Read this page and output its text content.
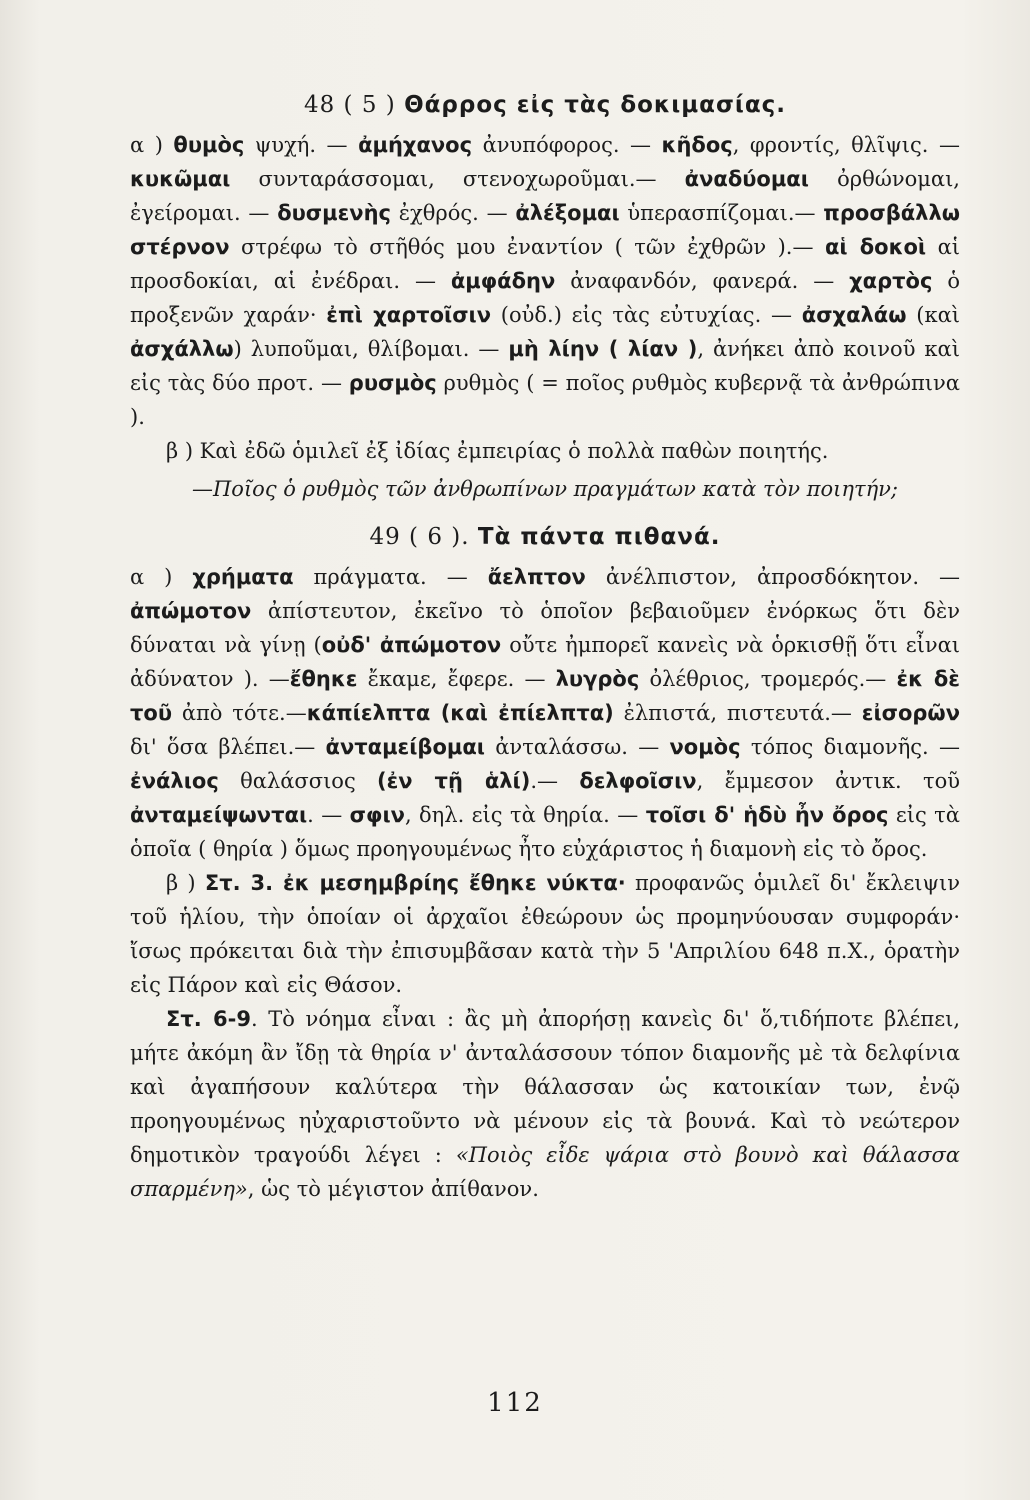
48 ( 5 ) Θάρρος εἰς τὰς δοκιμασίας.

α ) θυμὸς ψυχή. — ἀμήχανος ἀνυπόφορος. — κῆδος, φροντίς, θλῖψις. — κυκῶμαι συνταράσσομαι, στενοχωροῦμαι.— ἀναδύομαι ὀρθώνομαι, ἐγείρομαι. — δυσμενὴς ἐχθρός. — ἀλέξομαι ὑπερασπίζομαι.— προσβάλλω στέρνον στρέφω τὸ στῆθός μου ἐναντίον ( τῶν ἐχθρῶν ).— αἱ δοκοὶ αἱ προσδοκίαι, αἱ ἐνέδραι. — ἀμφάδην ἀναφανδόν, φανερά. — χαρτὸς ὁ προξενῶν χαράν· ἐπὶ χαρτοῖσιν (οὐδ.) εἰς τὰς εὐτυχίας. — ἀσχαλάω (καὶ ἀσχάλλω) λυποῦμαι, θλίβομαι. — μὴ λίην ( λίαν ), ἀνήκει ἀπὸ κοινοῦ καὶ εἰς τὰς δύο προτ. — ρυσμὸς ρυθμὸς ( = ποῖος ρυθμὸς κυβερνᾷ τὰ ἀνθρώπινα ).

β ) Καὶ ἐδῶ ὁμιλεῖ ἐξ ἰδίας ἐμπειρίας ὁ πολλὰ παθὼν ποιητής.

—Ποῖος ὁ ρυθμὸς τῶν ἀνθρωπίνων πραγμάτων κατὰ τὸν ποιητήν;

49 ( 6 ). Τὰ πάντα πιθανά.

α ) χρήματα πράγματα. — ἄελπτον ἀνέλπιστον, ἀπροσδόκητον. — ἀπώμοτον ἀπίστευτον, ἐκεῖνο τὸ ὁποῖον βεβαιοῦμεν ἐνόρκως ὅτι δὲν δύναται νὰ γίνῃ (οὐδ' ἀπώμοτον οὔτε ἠμπορεῖ κανεὶς νὰ ὁρκισθῇ ὅτι εἶναι ἀδύνατον ). —ἔθηκε ἔκαμε, ἔφερε. — λυγρὸς ὀλέθριος, τρομερός.— ἐκ δὲ τοῦ ἀπὸ τότε.—κάπίελπτα (καὶ ἐπίελπτα) ἐλπιστά, πιστευτά.— εἰσορῶν δι' ὅσα βλέπει.— ἀνταμείβομαι ἀνταλάσσω. — νομὸς τόπος διαμονῆς. — ἐνάλιος θαλάσσιος (ἐν τῇ ἁλί).— δελφοῖσιν, ἔμμεσον ἀντικ. τοῦ ἀνταμείψωνται. — σφιν, δηλ. εἰς τὰ θηρία. — τοῖσι δ' ἡδὺ ἦν ὄρος εἰς τὰ ὁποῖα ( θηρία ) ὅμως προηγουμένως ἦτο εὐχάριστος ἡ διαμονὴ εἰς τὸ ὄρος.

β ) Στ. 3. ἐκ μεσημβρίης ἔθηκε νύκτα· προφανῶς ὁμιλεῖ δι' ἔκλειψιν τοῦ ἡλίου, τὴν ὁποίαν οἱ ἀρχαῖοι ἐθεώρουν ὡς προμηνύουσαν συμφοράν· ἴσως πρόκειται διὰ τὴν ἐπισυμβᾶσαν κατὰ τὴν 5 'Απριλίου 648 π.Χ., ὁρατὴν εἰς Πάρον καὶ εἰς Θάσον.

Στ. 6-9. Τὸ νόημα εἶναι : ἂς μὴ ἀπορήσῃ κανεὶς δι' ὅ,τιδήποτε βλέπει, μήτε ἀκόμη ἂν ἴδῃ τὰ θηρία ν' ἀνταλάσσουν τόπον διαμονῆς μὲ τὰ δελφίνια καὶ ἀγαπήσουν καλύτερα τὴν θάλασσαν ὡς κατοικίαν των, ἐνῷ προηγουμένως ηὐχαριστοῦντο νὰ μένουν εἰς τὰ βουνά. Καὶ τὸ νεώτερον δημοτικὸν τραγούδι λέγει : «Ποιὸς εἶδε ψάρια στὸ βουνὸ καὶ θάλασσα σπαρμένη», ὡς τὸ μέγιστον ἀπίθανον.

112
